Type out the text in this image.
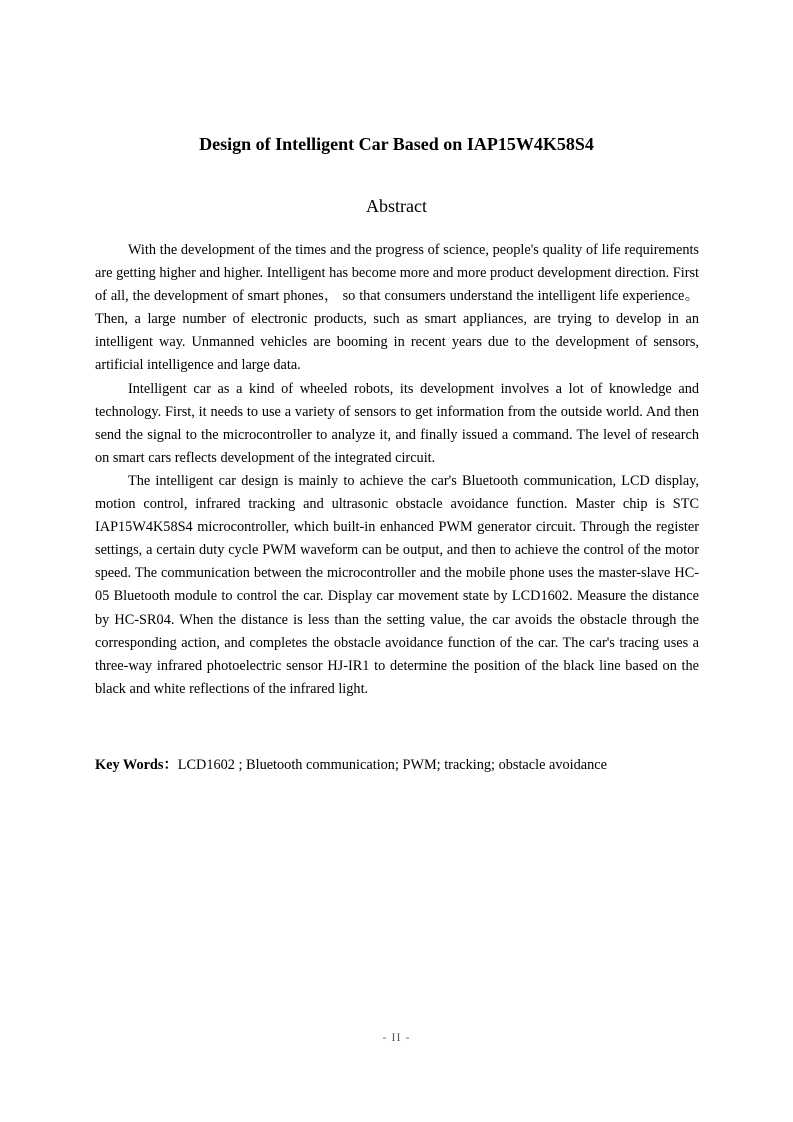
Design of Intelligent Car Based on IAP15W4K58S4
Abstract

With the development of the times and the progress of science, people's quality of life requirements are getting higher and higher. Intelligent has become more and more product development direction. First of all, the development of smart phones， so that consumers understand the intelligent life experience。Then, a large number of electronic products, such as smart appliances, are trying to develop in an intelligent way. Unmanned vehicles are booming in recent years due to the development of sensors, artificial intelligence and large data.

Intelligent car as a kind of wheeled robots, its development involves a lot of knowledge and technology. First, it needs to use a variety of sensors to get information from the outside world. And then send the signal to the microcontroller to analyze it, and finally issued a command. The level of research on smart cars reflects development of the integrated circuit.

The intelligent car design is mainly to achieve the car's Bluetooth communication, LCD display, motion control, infrared tracking and ultrasonic obstacle avoidance function. Master chip is STC IAP15W4K58S4 microcontroller, which built-in enhanced PWM generator circuit. Through the register settings, a certain duty cycle PWM waveform can be output, and then to achieve the control of the motor speed. The communication between the microcontroller and the mobile phone uses the master-slave HC-05 Bluetooth module to control the car. Display car movement state by LCD1602. Measure the distance by HC-SR04. When the distance is less than the setting value, the car avoids the obstacle through the corresponding action, and completes the obstacle avoidance function of the car. The car's tracing uses a three-way infrared photoelectric sensor HJ-IR1 to determine the position of the black line based on the black and white reflections of the infrared light.

Key Words：LCD1602 ; Bluetooth communication; PWM; tracking; obstacle avoidance

- II -
